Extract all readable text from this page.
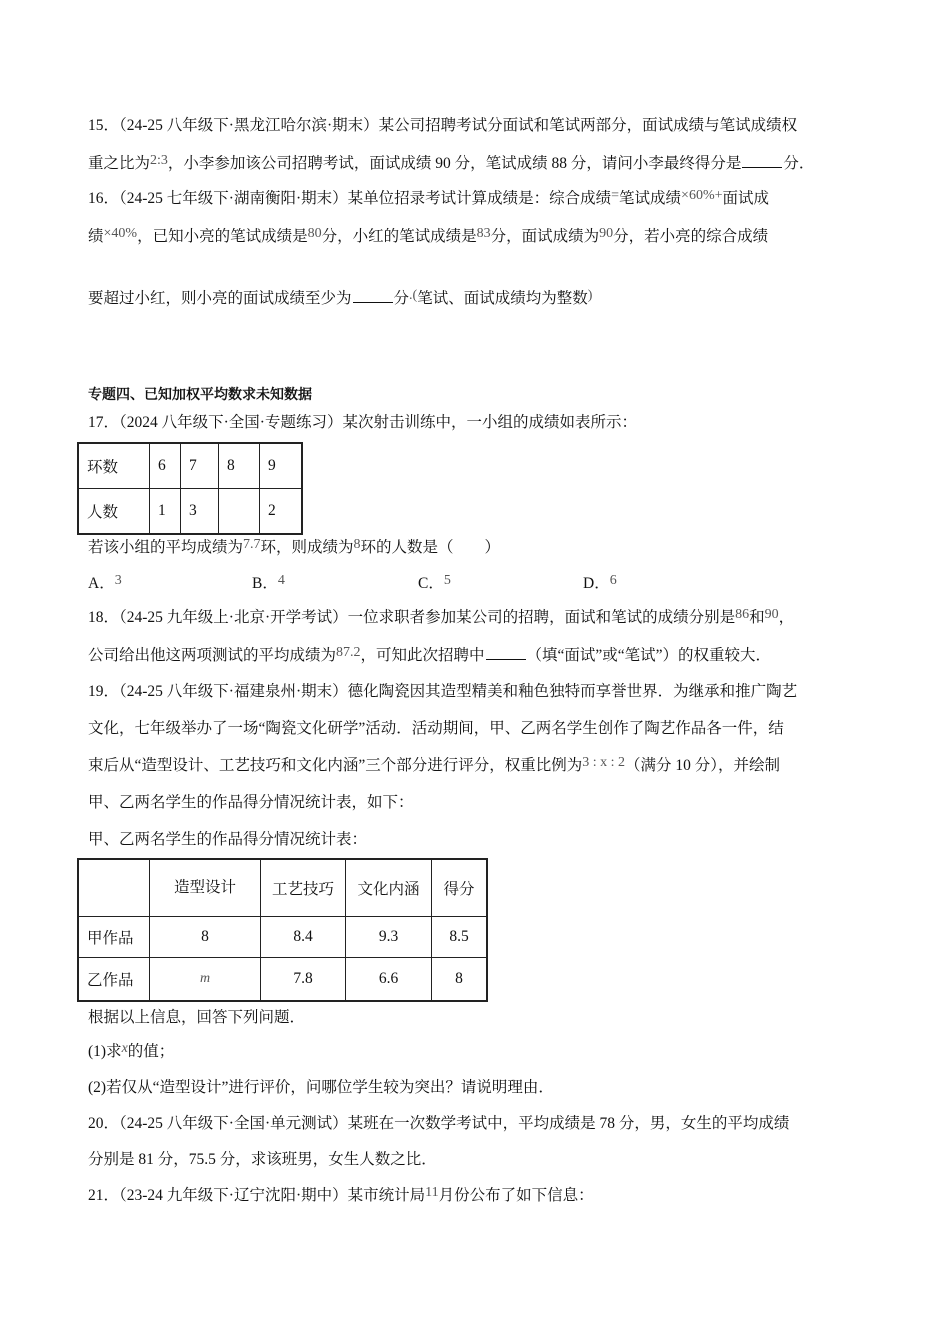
15．（24-25 八年级下·黑龙江哈尔滨·期末）某公司招聘考试分面试和笔试两部分，面试成绩与笔试成绩权
重之比为2:3，小李参加该公司招聘考试，面试成绩 90 分，笔试成绩 88 分，请问小李最终得分是	分．
16．（24-25 七年级下·湖南衡阳·期末）某单位招录考试计算成绩是：综合成绩=笔试成绩×60%+面试成
绩×40%，已知小亮的笔试成绩是80分，小红的笔试成绩是83分，面试成绩为90分，若小亮的综合成绩
要超过小红，则小亮的面试成绩至少为	分.(笔试、面试成绩均为整数)
专题四、已知加权平均数求未知数据
17．（2024 八年级下·全国·专题练习）某次射击训练中，一小组的成绩如表所示：
若该小组的平均成绩为7.7环，则成绩为8环的人数是（　　）
18．（24-25 九年级上·北京·开学考试）一位求职者参加某公司的招聘，面试和笔试的成绩分别是86和90，
公司给出他这两项测试的平均成绩为87.2，可知此次招聘中	（填“面试”或“笔试”）的权重较大．
19．（24-25 八年级下·福建泉州·期末）德化陶瓷因其造型精美和釉色独特而享誉世界．为继承和推广陶艺
文化，七年级举办了一场“陶瓷文化研学”活动．活动期间，甲、乙两名学生创作了陶艺作品各一件，结
束后从“造型设计、工艺技巧和文化内涵”三个部分进行评分，权重比例为3 : x : 2（满分 10 分），并绘制
甲、乙两名学生的作品得分情况统计表，如下：
甲、乙两名学生的作品得分情况统计表：
根据以上信息，回答下列问题．
(1)求x的值；
(2)若仅从“造型设计”进行评价，问哪位学生较为突出？请说明理由．
20．（24-25 八年级下·全国·单元测试）某班在一次数学考试中，平均成绩是 78 分，男，女生的平均成绩
分别是 81 分，75.5 分，求该班男，女生人数之比．
21．（23-24 九年级下·辽宁沈阳·期中）某市统计局11月份公布了如下信息：
环数	6	7	8	9
人数	1	3		2
A．3	B．4	C．5	D．6
	造型设计	工艺技巧	文化内涵	得分
甲作品	8	8.4	9.3	8.5
乙作品	m	7.8	6.6	8
